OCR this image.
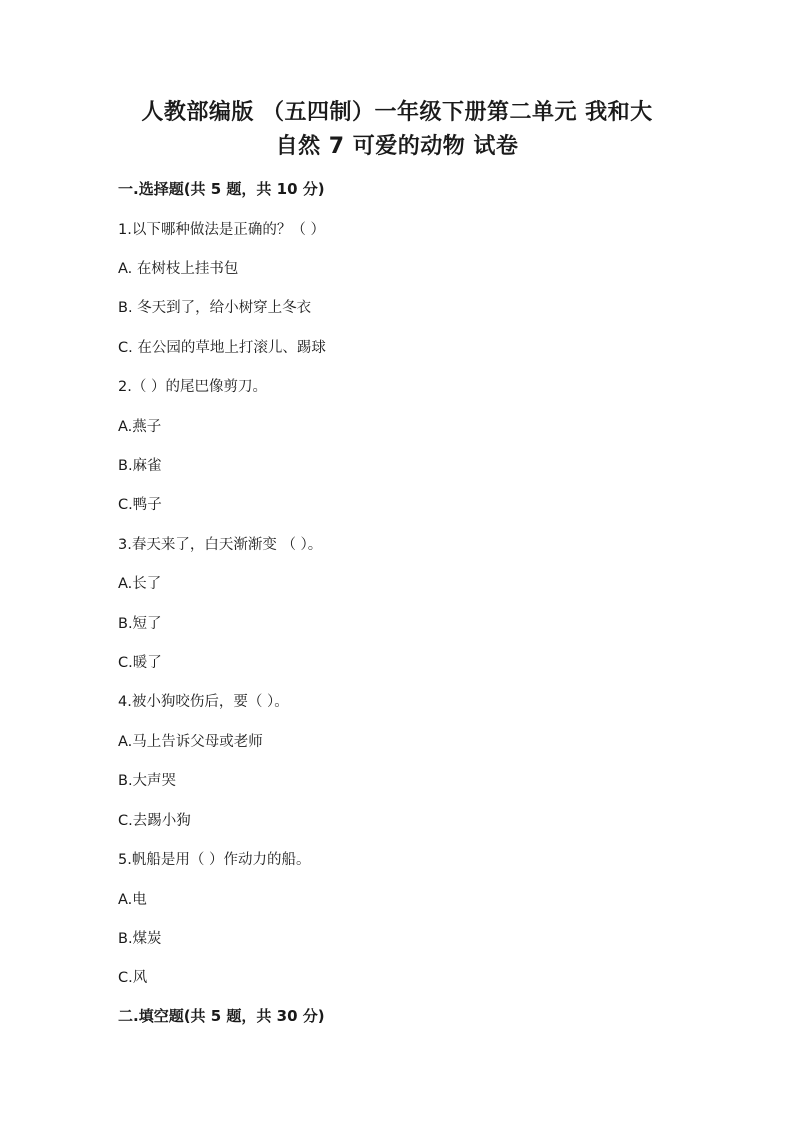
人教部编版 （五四制）一年级下册第二单元 我和大
自然 7 可爱的动物 试卷
一.选择题(共 5 题，共 10 分)
1.以下哪种做法是正确的？（ ）
A. 在树枝上挂书包
B. 冬天到了，给小树穿上冬衣
C. 在公园的草地上打滚儿、踢球
2.（ ）的尾巴像剪刀。
A.燕子
B.麻雀
C.鸭子
3.春天来了，白天渐渐变 （ ）。
A.长了
B.短了
C.暖了
4.被小狗咬伤后，要（ ）。
A.马上告诉父母或老师
B.大声哭
C.去踢小狗
5.帆船是用（ ）作动力的船。
A.电
B.煤炭
C.风
二.填空题(共 5 题，共 30 分)
